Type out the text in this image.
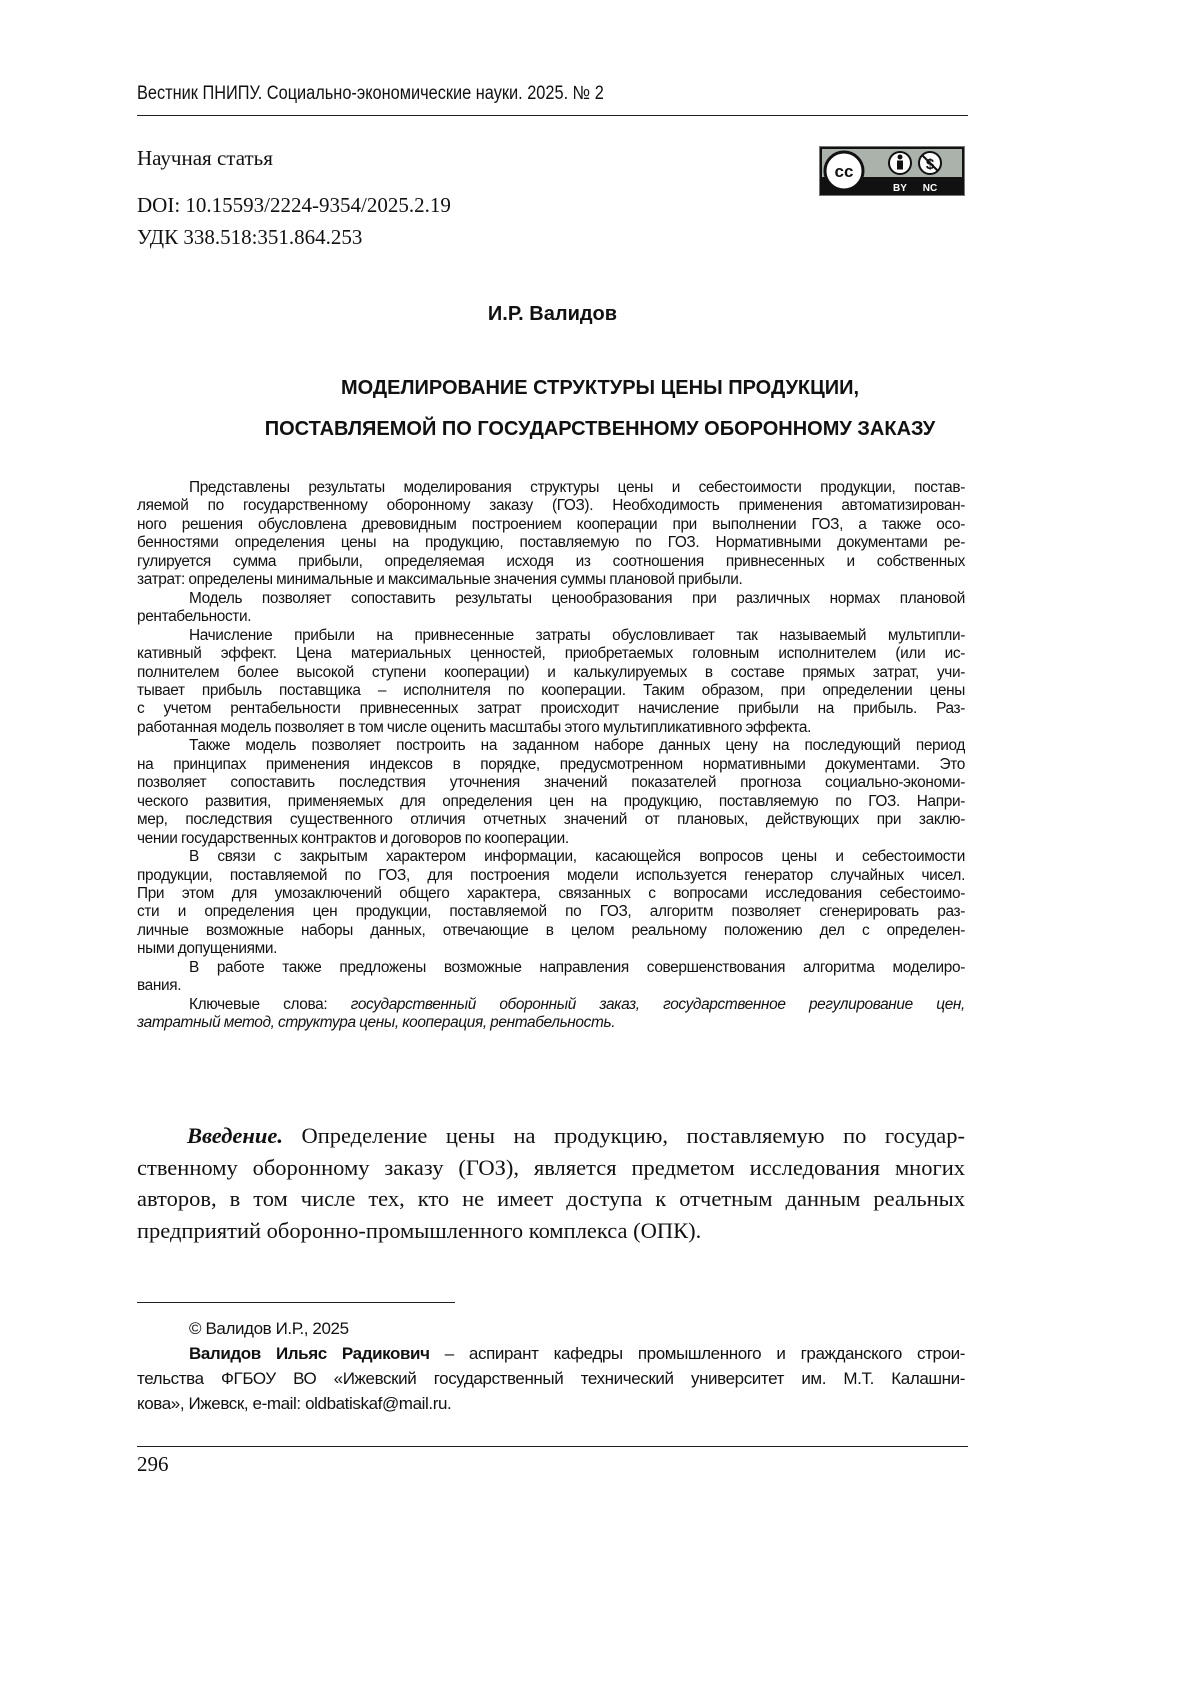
Вестник ПНИПУ. Социально-экономические науки. 2025. № 2
Научная статья
DOI: 10.15593/2224-9354/2025.2.19
УДК 338.518:351.864.253
cc	$
BY NC
И.Р. Валидов
МОДЕЛИРОВАНИЕ СТРУКТУРЫ ЦЕНЫ ПРОДУКЦИИ,
ПОСТАВЛЯЕМОЙ ПО ГОСУДАРСТВЕННОМУ ОБОРОННОМУ ЗАКАЗУ
Представлены результаты моделирования структуры цены и себестоимости продукции, постав-
ляемой по государственному оборонному заказу (ГОЗ). Необходимость применения автоматизирован-
ного решения обусловлена древовидным построением кооперации при выполнении ГОЗ, а также осо-
бенностями определения цены на продукцию, поставляемую по ГОЗ. Нормативными документами ре-
гулируется сумма прибыли, определяемая исходя из соотношения привнесенных и собственных
затрат: определены минимальные и максимальные значения суммы плановой прибыли.
Модель позволяет сопоставить результаты ценообразования при различных нормах плановой
рентабельности.
Начисление прибыли на привнесенные затраты обусловливает так называемый мультипли-
кативный эффект. Цена материальных ценностей, приобретаемых головным исполнителем (или ис-
полнителем более высокой ступени кооперации) и калькулируемых в составе прямых затрат, учи-
тывает прибыль поставщика – исполнителя по кооперации. Таким образом, при определении цены
с учетом рентабельности привнесенных затрат происходит начисление прибыли на прибыль. Раз-
работанная модель позволяет в том числе оценить масштабы этого мультипликативного эффекта.
Также модель позволяет построить на заданном наборе данных цену на последующий период
на принципах применения индексов в порядке, предусмотренном нормативными документами. Это
позволяет сопоставить последствия уточнения значений показателей прогноза социально-экономи-
ческого развития, применяемых для определения цен на продукцию, поставляемую по ГОЗ. Напри-
мер, последствия существенного отличия отчетных значений от плановых, действующих при заклю-
чении государственных контрактов и договоров по кооперации.
В связи с закрытым характером информации, касающейся вопросов цены и себестоимости
продукции, поставляемой по ГОЗ, для построения модели используется генератор случайных чисел.
При этом для умозаключений общего характера, связанных с вопросами исследования себестоимо-
сти и определения цен продукции, поставляемой по ГОЗ, алгоритм позволяет сгенерировать раз-
личные возможные наборы данных, отвечающие в целом реальному положению дел с определен-
ными допущениями.
В работе также предложены возможные направления совершенствования алгоритма моделиро-
вания.
Ключевые слова: государственный оборонный заказ, государственное регулирование цен,
затратный метод, структура цены, кооперация, рентабельность.
Введение. Определение цены на продукцию, поставляемую по государ-
ственному оборонному заказу (ГОЗ), является предметом исследования многих
авторов, в том числе тех, кто не имеет доступа к отчетным данным реальных
предприятий оборонно-промышленного комплекса (ОПК).
© Валидов И.Р., 2025
Валидов Ильяс Радикович – аспирант кафедры промышленного и гражданского строи-
тельства ФГБОУ ВО «Ижевский государственный технический университет им. М.Т. Калашни-
кова», Ижевск, e-mail: oldbatiskaf@mail.ru.
296
